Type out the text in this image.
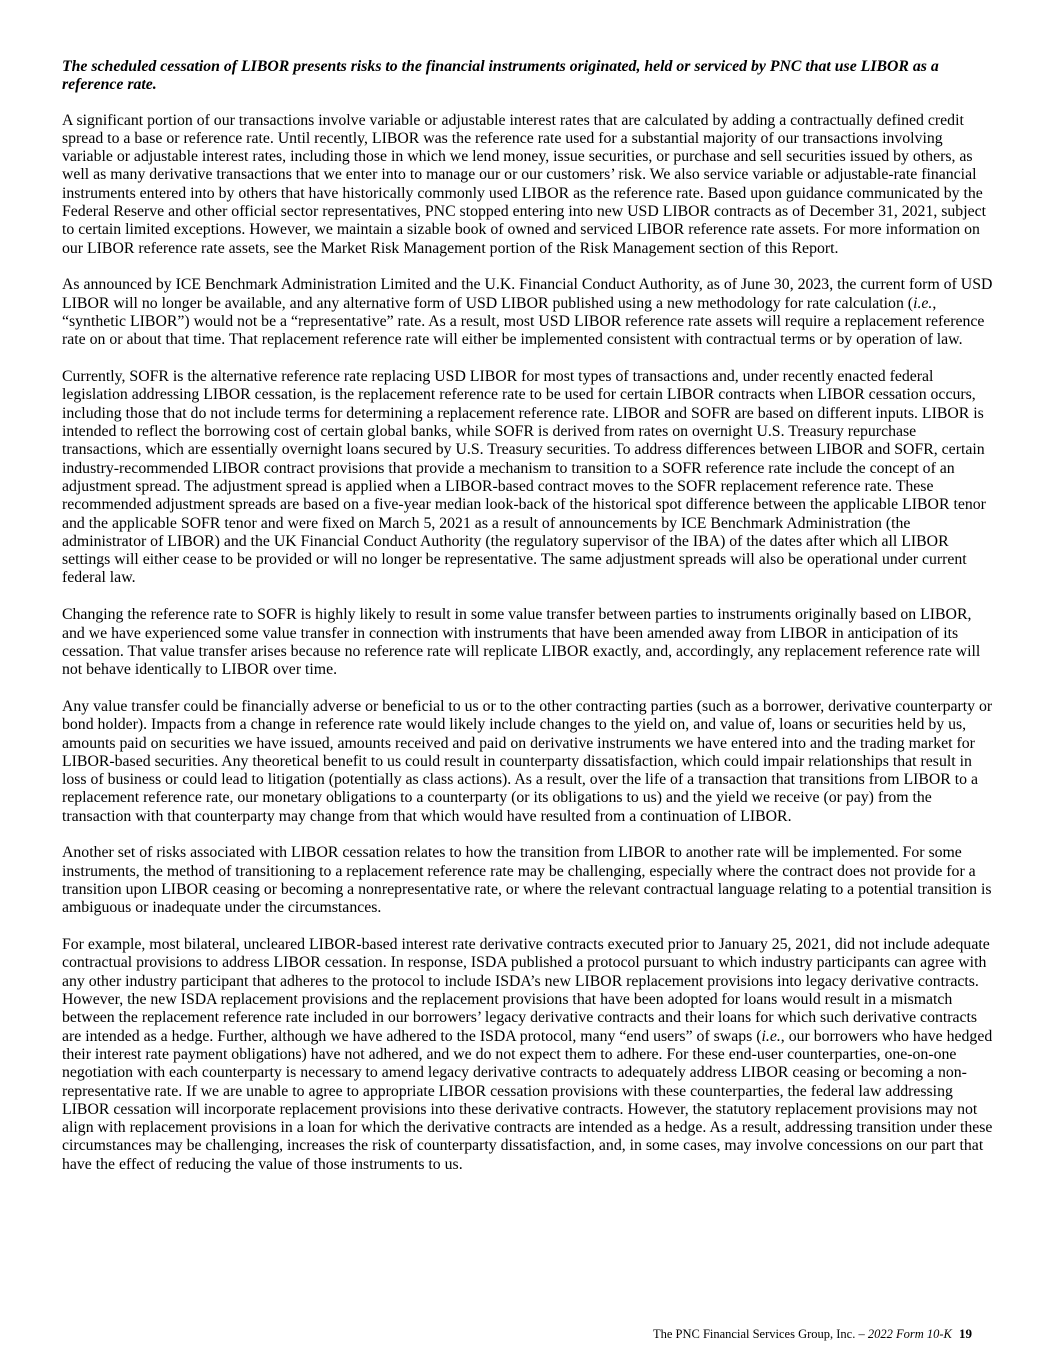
The scheduled cessation of LIBOR presents risks to the financial instruments originated, held or serviced by PNC that use LIBOR as a reference rate.

A significant portion of our transactions involve variable or adjustable interest rates that are calculated by adding a contractually defined credit spread to a base or reference rate. Until recently, LIBOR was the reference rate used for a substantial majority of our transactions involving variable or adjustable interest rates, including those in which we lend money, issue securities, or purchase and sell securities issued by others, as well as many derivative transactions that we enter into to manage our or our customers’ risk. We also service variable or adjustable-rate financial instruments entered into by others that have historically commonly used LIBOR as the reference rate. Based upon guidance communicated by the Federal Reserve and other official sector representatives, PNC stopped entering into new USD LIBOR contracts as of December 31, 2021, subject to certain limited exceptions. However, we maintain a sizable book of owned and serviced LIBOR reference rate assets. For more information on our LIBOR reference rate assets, see the Market Risk Management portion of the Risk Management section of this Report.

As announced by ICE Benchmark Administration Limited and the U.K. Financial Conduct Authority, as of June 30, 2023, the current form of USD LIBOR will no longer be available, and any alternative form of USD LIBOR published using a new methodology for rate calculation (i.e., “synthetic LIBOR”) would not be a “representative” rate. As a result, most USD LIBOR reference rate assets will require a replacement reference rate on or about that time. That replacement reference rate will either be implemented consistent with contractual terms or by operation of law.

Currently, SOFR is the alternative reference rate replacing USD LIBOR for most types of transactions and, under recently enacted federal legislation addressing LIBOR cessation, is the replacement reference rate to be used for certain LIBOR contracts when LIBOR cessation occurs, including those that do not include terms for determining a replacement reference rate. LIBOR and SOFR are based on different inputs. LIBOR is intended to reflect the borrowing cost of certain global banks, while SOFR is derived from rates on overnight U.S. Treasury repurchase transactions, which are essentially overnight loans secured by U.S. Treasury securities. To address differences between LIBOR and SOFR, certain industry-recommended LIBOR contract provisions that provide a mechanism to transition to a SOFR reference rate include the concept of an adjustment spread. The adjustment spread is applied when a LIBOR-based contract moves to the SOFR replacement reference rate. These recommended adjustment spreads are based on a five-year median look-back of the historical spot difference between the applicable LIBOR tenor and the applicable SOFR tenor and were fixed on March 5, 2021 as a result of announcements by ICE Benchmark Administration (the administrator of LIBOR) and the UK Financial Conduct Authority (the regulatory supervisor of the IBA) of the dates after which all LIBOR settings will either cease to be provided or will no longer be representative. The same adjustment spreads will also be operational under current federal law.

Changing the reference rate to SOFR is highly likely to result in some value transfer between parties to instruments originally based on LIBOR, and we have experienced some value transfer in connection with instruments that have been amended away from LIBOR in anticipation of its cessation. That value transfer arises because no reference rate will replicate LIBOR exactly, and, accordingly, any replacement reference rate will not behave identically to LIBOR over time.

Any value transfer could be financially adverse or beneficial to us or to the other contracting parties (such as a borrower, derivative counterparty or bond holder). Impacts from a change in reference rate would likely include changes to the yield on, and value of, loans or securities held by us, amounts paid on securities we have issued, amounts received and paid on derivative instruments we have entered into and the trading market for LIBOR-based securities. Any theoretical benefit to us could result in counterparty dissatisfaction, which could impair relationships that result in loss of business or could lead to litigation (potentially as class actions). As a result, over the life of a transaction that transitions from LIBOR to a replacement reference rate, our monetary obligations to a counterparty (or its obligations to us) and the yield we receive (or pay) from the transaction with that counterparty may change from that which would have resulted from a continuation of LIBOR.

Another set of risks associated with LIBOR cessation relates to how the transition from LIBOR to another rate will be implemented. For some instruments, the method of transitioning to a replacement reference rate may be challenging, especially where the contract does not provide for a transition upon LIBOR ceasing or becoming a nonrepresentative rate, or where the relevant contractual language relating to a potential transition is ambiguous or inadequate under the circumstances.

For example, most bilateral, uncleared LIBOR-based interest rate derivative contracts executed prior to January 25, 2021, did not include adequate contractual provisions to address LIBOR cessation. In response, ISDA published a protocol pursuant to which industry participants can agree with any other industry participant that adheres to the protocol to include ISDA’s new LIBOR replacement provisions into legacy derivative contracts. However, the new ISDA replacement provisions and the replacement provisions that have been adopted for loans would result in a mismatch between the replacement reference rate included in our borrowers’ legacy derivative contracts and their loans for which such derivative contracts are intended as a hedge. Further, although we have adhered to the ISDA protocol, many “end users” of swaps (i.e., our borrowers who have hedged their interest rate payment obligations) have not adhered, and we do not expect them to adhere. For these end-user counterparties, one-on-one negotiation with each counterparty is necessary to amend legacy derivative contracts to adequately address LIBOR ceasing or becoming a non-representative rate. If we are unable to agree to appropriate LIBOR cessation provisions with these counterparties, the federal law addressing LIBOR cessation will incorporate replacement provisions into these derivative contracts. However, the statutory replacement provisions may not align with replacement provisions in a loan for which the derivative contracts are intended as a hedge. As a result, addressing transition under these circumstances may be challenging, increases the risk of counterparty dissatisfaction, and, in some cases, may involve concessions on our part that have the effect of reducing the value of those instruments to us.

The PNC Financial Services Group, Inc. – 2022 Form 10-K 19
